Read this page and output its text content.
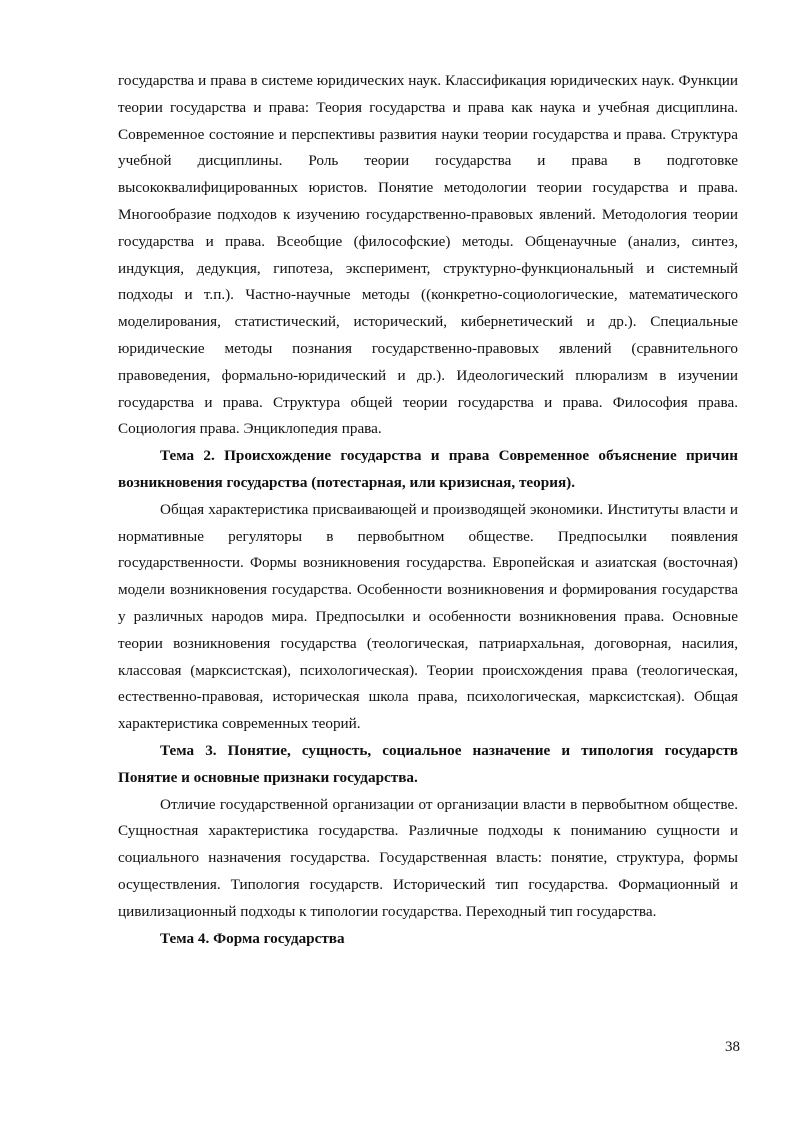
государства и права в системе юридических наук. Классификация юридических наук. Функции теории государства и права: Теория государства и права как наука и учебная дисциплина. Современное состояние и перспективы развития науки теории государства и права. Структура учебной дисциплины. Роль теории государства и права в подготовке высококвалифицированных юристов. Понятие методологии теории государства и права. Многообразие подходов к изучению государственно-правовых явлений. Методология теории государства и права. Всеобщие (философские) методы. Общенаучные (анализ, синтез, индукция, дедукция, гипотеза, эксперимент, структурно-функциональный и системный подходы и т.п.). Частно-научные методы ((конкретно-социологические, математического моделирования, статистический, исторический, кибернетический и др.). Специальные юридические методы познания государственно-правовых явлений (сравнительного правоведения, формально-юридический и др.). Идеологический плюрализм в изучении государства и права. Структура общей теории государства и права. Философия права. Социология права. Энциклопедия права.

Тема 2. Происхождение государства и права Современное объяснение причин возникновения государства (потестарная, или кризисная, теория).

Общая характеристика присваивающей и производящей экономики. Институты власти и нормативные регуляторы в первобытном обществе. Предпосылки появления государственности. Формы возникновения государства. Европейская и азиатская (восточная) модели возникновения государства. Особенности возникновения и формирования государства у различных народов мира. Предпосылки и особенности возникновения права. Основные теории возникновения государства (теологическая, патриархальная, договорная, насилия, классовая (марксистская), психологическая). Теории происхождения права (теологическая, естественно-правовая, историческая школа права, психологическая, марксистская). Общая характеристика современных теорий.

Тема 3. Понятие, сущность, социальное назначение и типология государств Понятие и основные признаки государства.

Отличие государственной организации от организации власти в первобытном обществе. Сущностная характеристика государства. Различные подходы к пониманию сущности и социального назначения государства. Государственная власть: понятие, структура, формы осуществления. Типология государств. Исторический тип государства. Формационный и цивилизационный подходы к типологии государства. Переходный тип государства.

Тема 4. Форма государства

38
